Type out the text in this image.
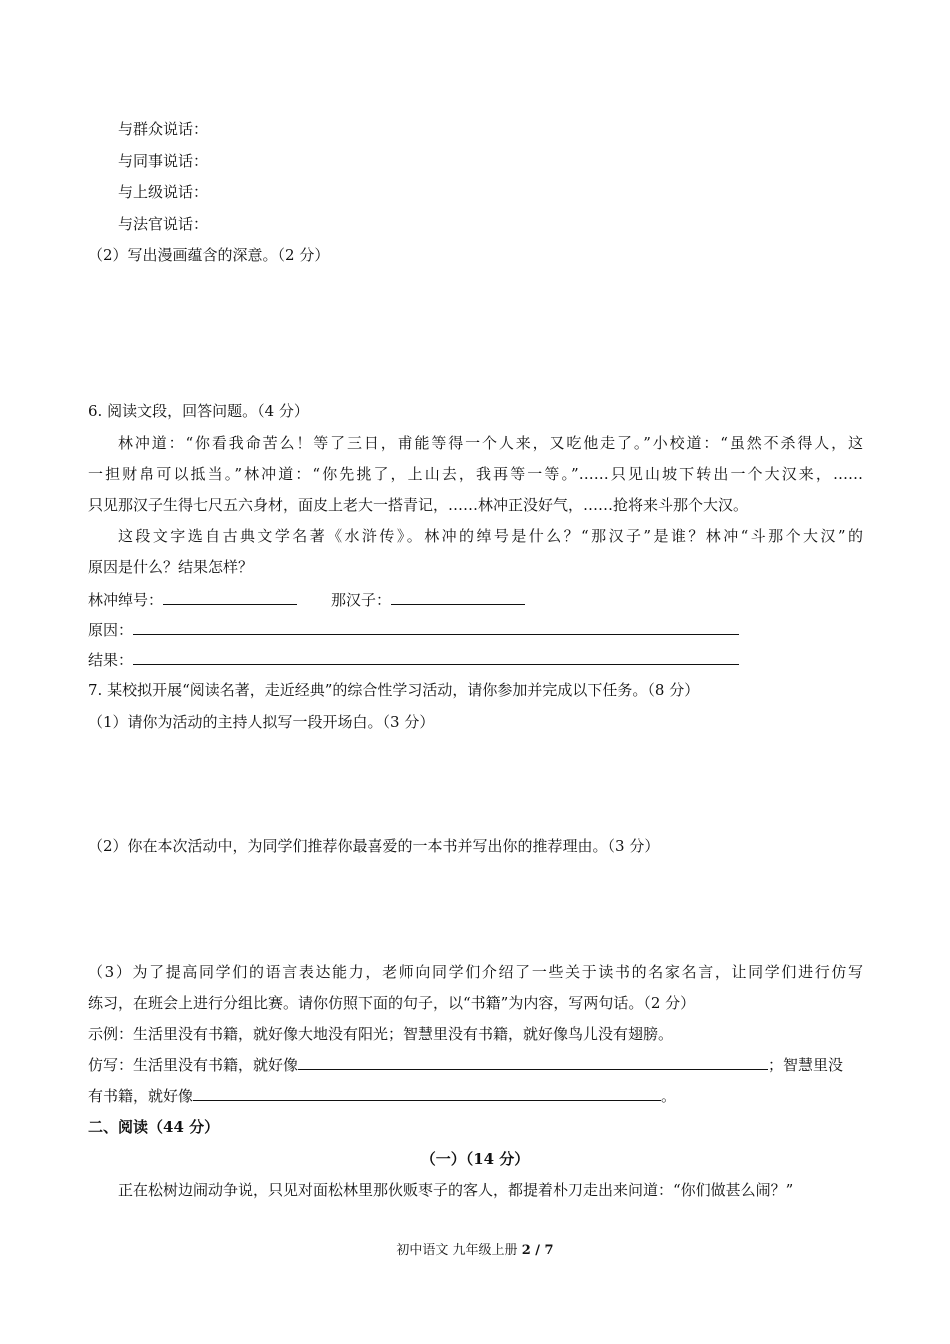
与群众说话：

与同事说话：

与上级说话：

与法官说话：

（2）写出漫画蕴含的深意。（2 分）

6. 阅读文段，回答问题。（4 分）

林冲道：“你看我命苦么！等了三日，甫能等得一个人来，又吃他走了。”小校道：“虽然不杀得人，这

一担财帛可以抵当。”林冲道：“你先挑了，上山去，我再等一等。”……只见山坡下转出一个大汉来，……

只见那汉子生得七尺五六身材，面皮上老大一搭青记，……林冲正没好气，……抢将来斗那个大汉。

这段文字选自古典文学名著《水浒传》。林冲的绰号是什么？“那汉子”是谁？林冲“斗那个大汉”的

原因是什么？结果怎样？

林冲绰号：	那汉子：

原因：

结果：

7. 某校拟开展“阅读名著，走近经典”的综合性学习活动，请你参加并完成以下任务。（8 分）

（1）请你为活动的主持人拟写一段开场白。（3 分）

（2）你在本次活动中，为同学们推荐你最喜爱的一本书并写出你的推荐理由。（3 分）

（3）为了提高同学们的语言表达能力，老师向同学们介绍了一些关于读书的名家名言，让同学们进行仿写

练习，在班会上进行分组比赛。请你仿照下面的句子，以“书籍”为内容，写两句话。（2 分）

示例：生活里没有书籍，就好像大地没有阳光；智慧里没有书籍，就好像鸟儿没有翅膀。

仿写：生活里没有书籍，就好像	；智慧里没

有书籍，就好像	。

二、阅读（44 分）

（一）（14 分）

正在松树边闹动争说，只见对面松林里那伙贩枣子的客人，都提着朴刀走出来问道：“你们做甚么闹？”

初中语文 九年级上册 2 / 7
